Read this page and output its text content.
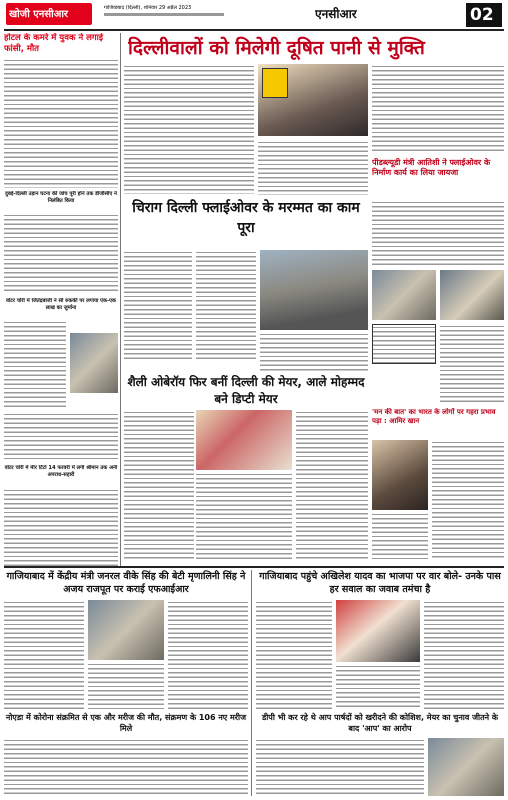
खोजी एनसीआर
गाजियाबाद (दिल्ली), शनिवार 29 अप्रैल 2023	एनसीआर	02
होटल के कमरे में युवक ने लगाई फांसी, मौत
दुबई-दिल्ली उड़ान घटना की जांच पूरी होने तक डीजीसीए ने निलंबित किया
वोटर चोरी में जितेंद्रबाजी ने सी रुककी पर लगाया एक-एक लाख का जुर्माना
वोटर चोरी में मीर टिंटो 14 फरवरी में लगी श्रीमान तक अनी अपराध-सहारी
दिल्लीवालों को मिलेगी दूषित पानी से मुक्ति
पीडब्ल्यूडी मंत्री आतिशी ने फ्लाईओवर के निर्माण कार्य का लिया जायजा
चिराग दिल्ली फ्लाईओवर के मरम्मत का काम पूरा
शैली ओबेरॉय फिर बनीं दिल्ली की मेयर, आले मोहम्मद बने डिप्टी मेयर
'मन की बात' का भारत के लोगों पर गहरा प्रभाव पड़ा : आमिर खान
गाजियाबाद में केंद्रीय मंत्री जनरल वीके सिंह की बेटी मृणालिनी सिंह ने अजय राजपूत पर कराई एफआईआर
नोएडा में कोरोना संक्रमित से एक और मरीज की मौत, संक्रमण के 106 नए मरीज मिले
गाजियाबाद पहुंचे अखिलेश यादव का भाजपा पर वार बोले- उनके पास हर सवाल का जवाब तमंचा है
डीपी भी कर रहे थे आप पार्षदों को खरीदने की कोशिश, मेयर का चुनाव जीतने के बाद 'आप' का आरोप
